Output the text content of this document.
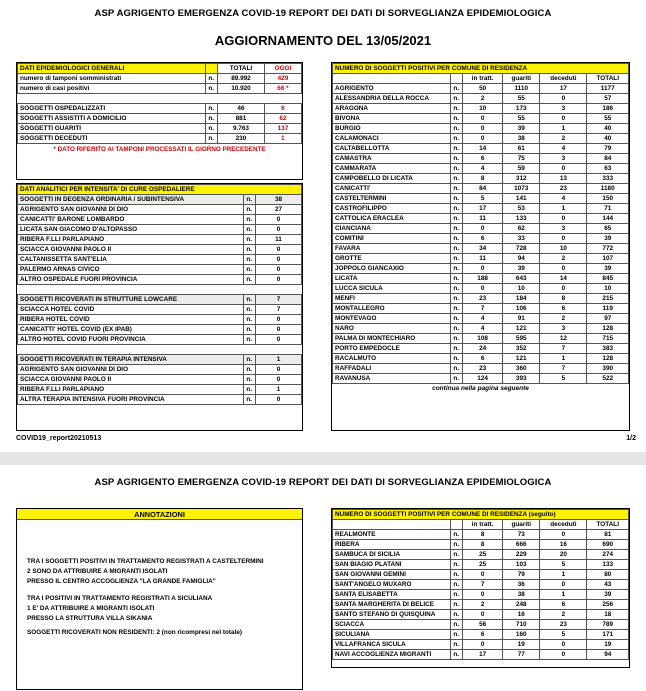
ASP AGRIGENTO EMERGENZA COVID-19 REPORT DEI DATI DI SORVEGLIANZA EPIDEMIOLOGICA
AGGIORNAMENTO DEL 13/05/2021
DATI EPIDEMIOLOGICI GENERALI		TOTALI	OGGI
numero di tamponi somministrati	n.	89.992	429
numero di casi positivi	n.	10.920	66 *

SOGGETTI OSPEDALIZZATI	n.	46	6
SOGGETTI ASSISTITI A DOMICILIO	n.	881	62
SOGGETTI GUARITI	n.	9.763	137
SOGGETTI DECEDUTI	n.	230	1
* DATO RIFERITO AI TAMPONI PROCESSATI IL GIORNO PRECEDENTE
DATI ANALITICI PER INTENSITA' DI CURE OSPEDALIERE		
SOGGETTI IN DEGENZA ORDINARIA / SUBINTENSIVA	n.	38
AGRIGENTO SAN GIOVANNI DI DIO	n.	27
CANICATTI' BARONE LOMBARDO	n.	0
LICATA SAN GIACOMO D'ALTOPASSO	n.	0
RIBERA F.LLI PARLAPIANO	n.	11
SCIACCA GIOVANNI PAOLO II	n.	0
CALTANISSETTA SANT'ELIA	n.	0
PALERMO ARNAS CIVICO	n.	0
ALTRO OSPEDALE FUORI PROVINCIA	n.	0

SOGGETTI RICOVERATI IN STRUTTURE LOWCARE	n.	7
SCIACCA HOTEL COVID	n.	7
RIBERA HOTEL COVID	n.	0
CANICATTI' HOTEL COVID (EX IPAB)	n.	0
ALTRO HOTEL COVID FUORI PROVINCIA	n.	0

SOGGETTI RICOVERATI IN TERAPIA INTENSIVA	n.	1
AGRIGENTO SAN GIOVANNI DI DIO	n.	0
SCIACCA GIOVANNI PAOLO II	n.	0
RIBERA F.LLI PARLAPIANO	n.	1
ALTRA TERAPIA INTENSIVA FUORI PROVINCIA	n.	0
NUMERO DI SOGGETTI POSITIVI PER COMUNE DI RESIDENZA					
		in tratt.	guariti	deceduti	TOTALI
AGRIGENTO	n.	50	1110	17	1177
ALESSANDRIA DELLA ROCCA	n.	2	55	0	57
ARAGONA	n.	10	173	3	186
BIVONA	n.	0	55	0	55
BURGIO	n.	0	39	1	40
CALAMONACI	n.	0	38	2	40
CALTABELLOTTA	n.	14	61	4	79
CAMASTRA	n.	6	75	3	84
CAMMARATA	n.	4	59	0	63
CAMPOBELLO DI LICATA	n.	8	312	13	333
CANICATTI'	n.	84	1073	23	1180
CASTELTERMINI	n.	5	141	4	150
CASTROFILIPPO	n.	17	53	1	71
CATTOLICA ERACLEA	n.	11	133	0	144
CIANCIANA	n.	0	62	3	65
COMITINI	n.	6	33	0	39
FAVARA	n.	34	728	10	772
GROTTE	n.	11	94	2	107
JOPPOLO GIANCAXIO	n.	0	39	0	39
LICATA	n.	188	643	14	845
LUCCA SICULA	n.	0	10	0	10
MENFI	n.	23	184	8	215
MONTALLEGRO	n.	7	106	6	119
MONTEVAGO	n.	4	91	2	97
NARO	n.	4	121	3	128
PALMA DI MONTECHIARO	n.	108	595	12	715
PORTO EMPEDOCLE	n.	24	352	7	383
RACALMUTO	n.	6	121	1	128
RAFFADALI	n.	23	360	7	390
RAVANUSA	n.	124	393	5	522
continua nella pagina seguente
COVID19_report20210513	1/2
ASP AGRIGENTO EMERGENZA COVID-19 REPORT DEI DATI DI SORVEGLIANZA EPIDEMIOLOGICA
ANNOTAZIONI
TRA I SOGGETTI POSITIVI IN TRATTAMENTO REGISTRATI A CASTELTERMINI
2 SONO DA ATTRIBUIRE A MIGRANTI ISOLATI
PRESSO IL CENTRO ACCOGLIENZA "LA GRANDE FAMIGLIA"
TRA I POSITIVI IN TRATTAMENTO REGISTRATI A SICULIANA
1 E' DA ATTRIBUIRE A MIGRANTI ISOLATI
PRESSO LA STRUTTURA VILLA SIKANIA
SOGGETTI RICOVERATI NON RESIDENTI: 2 (non ricompresi nel totale)
NUMERO DI SOGGETTI POSITIVI PER COMUNE DI RESIDENZA (seguito)					
		in tratt.	guariti	deceduti	TOTALI
REALMONTE	n.	8	73	0	81
RIBERA	n.	8	666	16	690
SAMBUCA DI SICILIA	n.	25	229	20	274
SAN BIAGIO PLATANI	n.	25	103	5	133
SAN GIOVANNI GEMINI	n.	0	79	1	80
SANT'ANGELO MUXARO	n.	7	36	0	43
SANTA ELISABETTA	n.	0	38	1	39
SANTA MARGHERITA DI BELICE	n.	2	248	6	256
SANTO STEFANO DI QUISQUINA	n.	0	16	2	18
SCIACCA	n.	56	710	23	789
SICULIANA	n.	6	160	5	171
VILLAFRANCA SICULA	n.	0	19	0	19
NAVI ACCOGLIENZA MIGRANTI	n.	17	77	0	94
